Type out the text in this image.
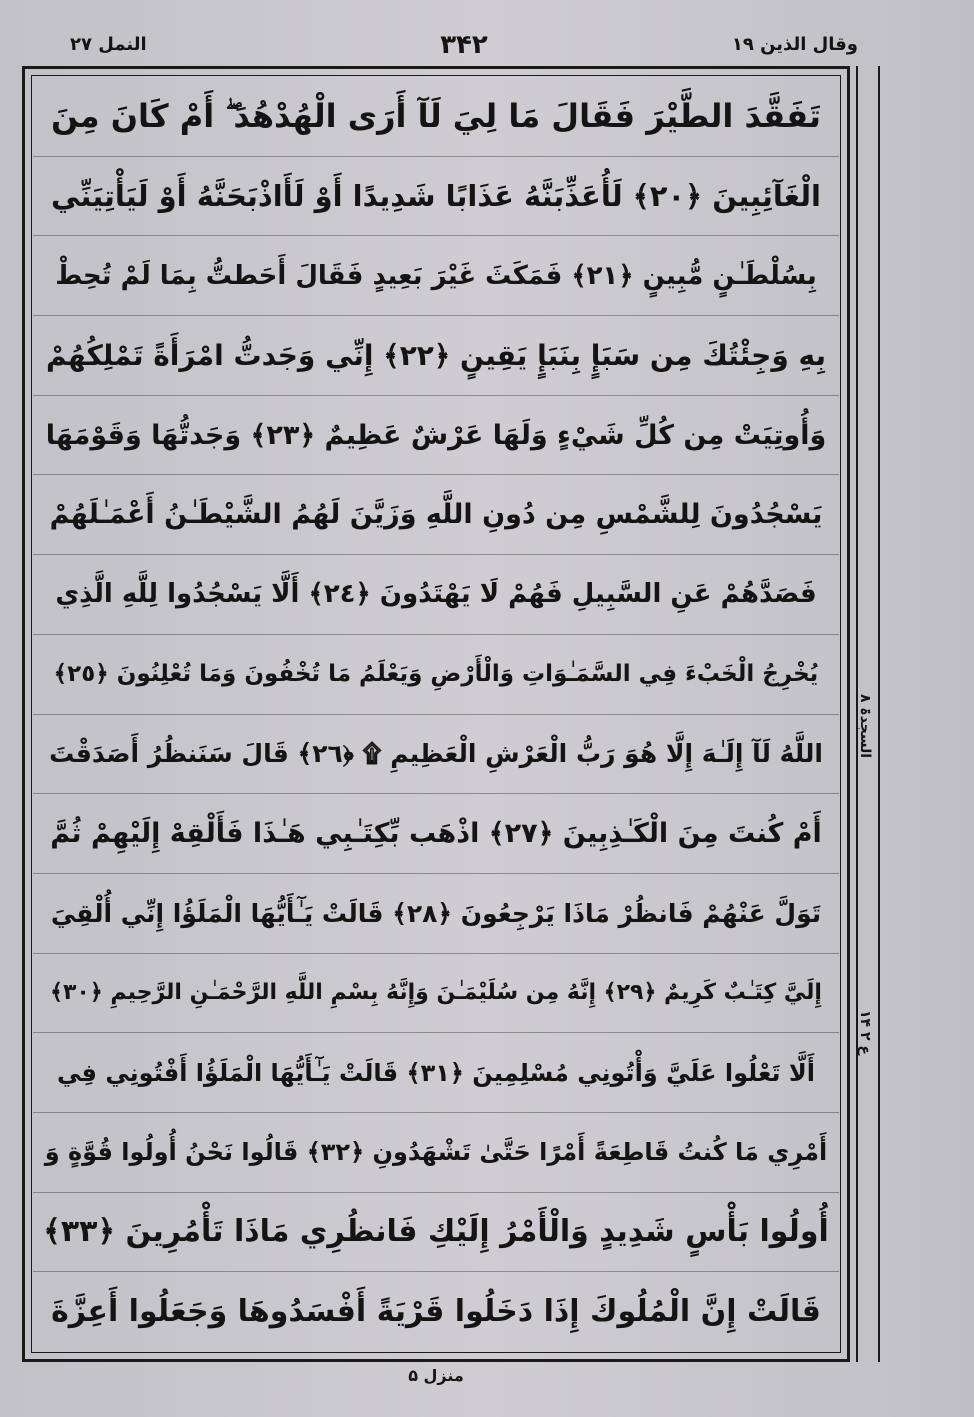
النمل ۲۷	۳۴۲	وقال الذین ۱۹
تَفَقَّدَ الطَّيْرَ فَقَالَ مَا لِيَ لَآ أَرَى الْهُدْهُدَ ۖ أَمْ كَانَ مِنَ
الْغَآئِبِينَ ﴿٢٠﴾ لَأُعَذِّبَنَّهُ عَذَابًا شَدِيدًا أَوْ لَأَاذْبَحَنَّهُ أَوْ لَيَأْتِيَنِّي
بِسُلْطَـٰنٍ مُّبِينٍ ﴿٢١﴾ فَمَكَثَ غَيْرَ بَعِيدٍ فَقَالَ أَحَطتُّ بِمَا لَمْ تُحِطْ
بِهِ وَجِئْتُكَ مِن سَبَإٍ بِنَبَإٍ يَقِينٍ ﴿٢٢﴾ إِنِّي وَجَدتُّ امْرَأَةً تَمْلِكُهُمْ
وَأُوتِيَتْ مِن كُلِّ شَيْءٍ وَلَهَا عَرْشٌ عَظِيمٌ ﴿٢٣﴾ وَجَدتُّهَا وَقَوْمَهَا
يَسْجُدُونَ لِلشَّمْسِ مِن دُونِ اللَّهِ وَزَيَّنَ لَهُمُ الشَّيْطَـٰنُ أَعْمَـٰلَهُمْ
فَصَدَّهُمْ عَنِ السَّبِيلِ فَهُمْ لَا يَهْتَدُونَ ﴿٢٤﴾ أَلَّا يَسْجُدُوا لِلَّهِ الَّذِي
يُخْرِجُ الْخَبْءَ فِي السَّمَـٰوَاتِ وَالْأَرْضِ وَيَعْلَمُ مَا تُخْفُونَ وَمَا تُعْلِنُونَ ﴿٢٥﴾
اللَّهُ لَآ إِلَـٰهَ إِلَّا هُوَ رَبُّ الْعَرْشِ الْعَظِيمِ ۩ ﴿٢٦﴾ قَالَ سَنَنظُرُ أَصَدَقْتَ
أَمْ كُنتَ مِنَ الْكَـٰذِبِينَ ﴿٢٧﴾ اذْهَب بِّكِتَـٰبِي هَـٰذَا فَأَلْقِهْ إِلَيْهِمْ ثُمَّ
تَوَلَّ عَنْهُمْ فَانظُرْ مَاذَا يَرْجِعُونَ ﴿٢٨﴾ قَالَتْ يَـٰٓأَيُّهَا الْمَلَؤُا إِنِّي أُلْقِيَ
إِلَيَّ كِتَـٰبٌ كَرِيمٌ ﴿٢٩﴾ إِنَّهُ مِن سُلَيْمَـٰنَ وَإِنَّهُ بِسْمِ اللَّهِ الرَّحْمَـٰنِ الرَّحِيمِ ﴿٣٠﴾
أَلَّا تَعْلُوا عَلَيَّ وَأْتُونِي مُسْلِمِينَ ﴿٣١﴾ قَالَتْ يَـٰٓأَيُّهَا الْمَلَؤُا أَفْتُونِي فِي
أَمْرِي مَا كُنتُ قَاطِعَةً أَمْرًا حَتَّىٰ تَشْهَدُونِ ﴿٣٢﴾ قَالُوا نَحْنُ أُولُوا قُوَّةٍ وَ
أُولُوا بَأْسٍ شَدِيدٍ وَالْأَمْرُ إِلَيْكِ فَانظُرِي مَاذَا تَأْمُرِينَ ﴿٣٣﴾
قَالَتْ إِنَّ الْمُلُوكَ إِذَا دَخَلُوا قَرْيَةً أَفْسَدُوهَا وَجَعَلُوا أَعِزَّةَ
السجدۃ ۸
ع ۲ ۱۴
منزل ۵
